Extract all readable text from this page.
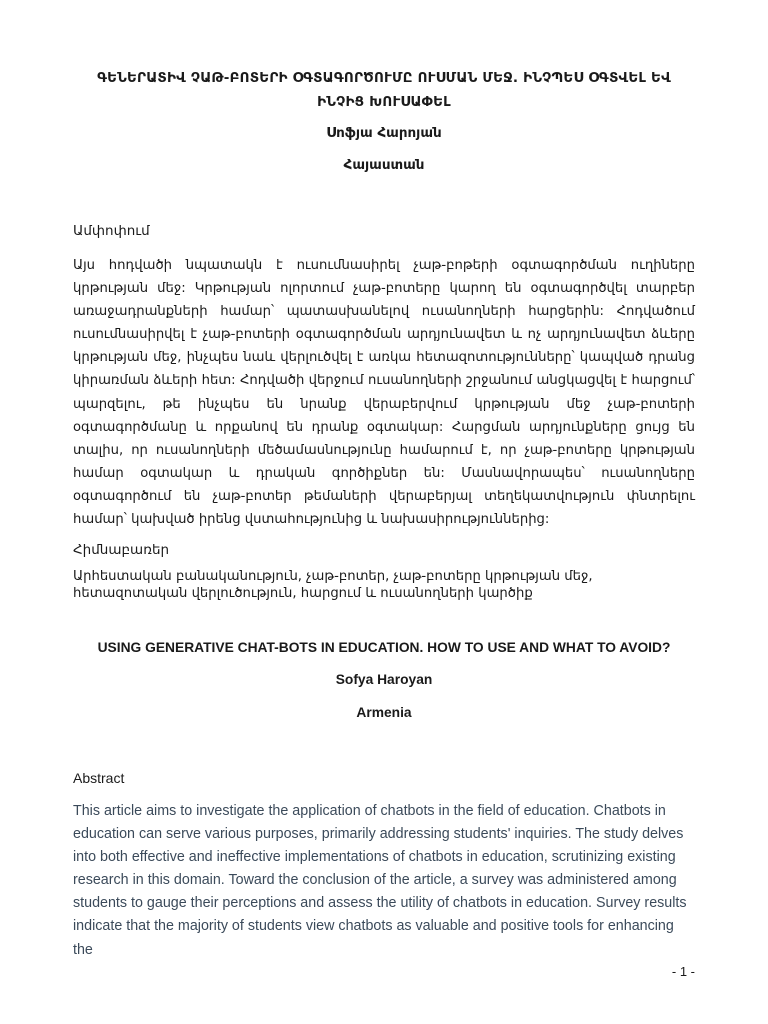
ԳԵՆԵՐԱՏԻՎ ՉԱԹ-ԲՈՏԵՐԻ ՕԳՏԱԳՈՐԾՈՒՄԸ ՈՒՍՄԱՆ ՄԵՋ. ԻՆՉՊԵՍ ՕԳՏՎԵԼ ԵՎ ԻՆՉԻՑ ԽՈՒՍԱՓԵԼ
Սոֆյա Հարոյան
Հայաստան
Ամփոփում
Այս հոդվածի նպատակն է ուսումնասիրել չաթ-բոթերի օգտագործման ուղիները կրթության մեջ: Կրթության ոլորտում չաթ-բոտերը կարող են օգտագործվել տարբեր առաջադրանքների համար՝ պատասխանելով ուսանողների հարցերին: Հոդվածում ուսումնասիրվել է չաթ-բոտերի օգտագործման արդյունավետ և ոչ արդյունավետ ձևերը կրթության մեջ, ինչպես նաև վերլուծվել է առկա հետազոտությունները՝ կապված դրանց կիրառման ձևերի հետ: Հոդվածի վերջում ուսանողների շրջանում անցկացվել է հարցում՝ պարզելու, թե ինչպես են նրանք վերաբերվում կրթության մեջ չաթ-բոտերի օգտագործմանը և որքանով են դրանք օգտակար: Հարցման արդյունքները ցույց են տալիս, որ ուսանողների մեծամասնությունը համարում է, որ չաթ-բոտերը կրթության համար օգտակար և դրական գործիքներ են: Մասնավորապես՝ ուսանողները օգտագործում են չաթ-բոտեր թեմաների վերաբերյալ տեղեկատվություն փնտրելու համար՝ կախված իրենց վստահությունից և նախասիրություններից:
Հիմնաբառեր
Արհեստական բանականություն, չաթ-բոտեր, չաթ-բոտերը կրթության մեջ, հետազոտական վերլուծություն, հարցում և ուսանողների կարծիք
USING GENERATIVE CHAT-BOTS IN EDUCATION. HOW TO USE AND WHAT TO AVOID?
Sofya Haroyan
Armenia
Abstract
This article aims to investigate the application of chatbots in the field of education. Chatbots in
education can serve various purposes, primarily addressing students' inquiries. The study delves
into both effective and ineffective implementations of chatbots in education, scrutinizing existing
research in this domain. Toward the conclusion of the article, a survey was administered among
students to gauge their perceptions and assess the utility of chatbots in education. Survey results
indicate that the majority of students view chatbots as valuable and positive tools for enhancing the
- 1 -
